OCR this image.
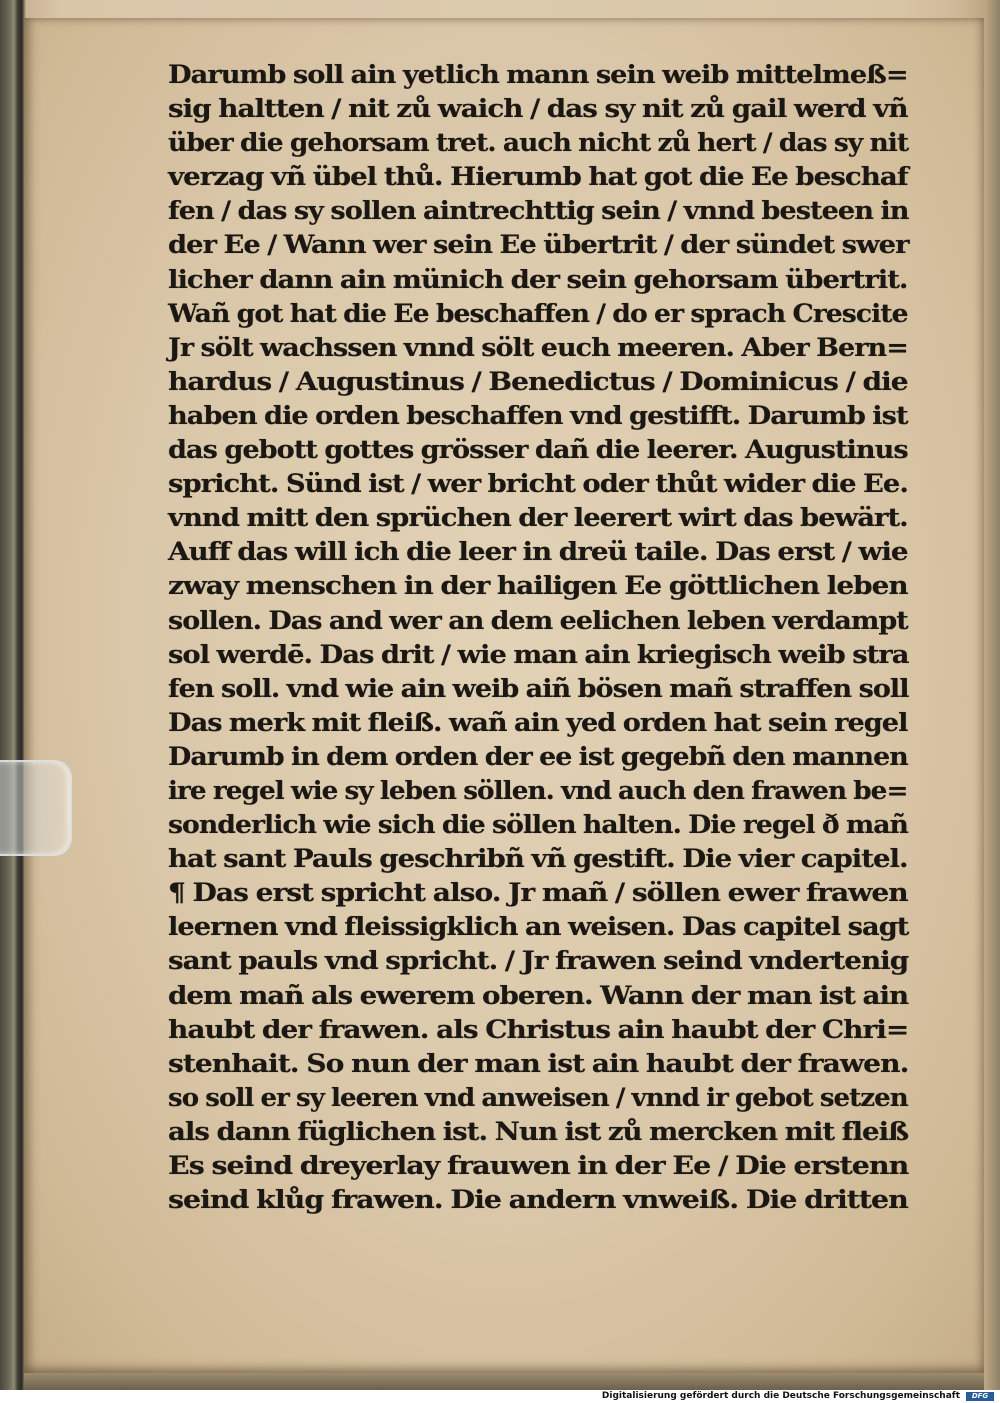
Darumb soll ain yetlich mann sein weib mittelmeß=
sig haltten / nit zů waich / das sy nit zů gail werd vñ
über die gehorsam tret. auch nicht zů hert / das sy nit
verzag vñ übel thů. Hierumb hat got die Ee beschaf
fen / das sy sollen aintrechttig sein / vnnd besteen in
der Ee / Wann wer sein Ee übertrit / der sündet swer
licher dann ain münich der sein gehorsam übertrit.
Wañ got hat die Ee beschaffen / do er sprach Crescite
Jr sölt wachssen vnnd sölt euch meeren. Aber Bern=
hardus / Augustinus / Benedictus / Dominicus / die
haben die orden beschaffen vnd gestifft. Darumb ist
das gebott gottes grösser dañ die leerer. Augustinus
spricht. Sünd ist / wer bricht oder thůt wider die Ee.
vnnd mitt den sprüchen der leerert wirt das bewärt.
Auff das will ich die leer in dreü taile. Das erst / wie
zway menschen in der hailigen Ee göttlichen leben
sollen. Das and wer an dem eelichen leben verdampt
sol werdē. Das drit / wie man ain kriegisch weib stra
fen soll. vnd wie ain weib aiñ bösen mañ straffen soll
Das merk mit fleiß. wañ ain yed orden hat sein regel
Darumb in dem orden der ee ist gegebñ den mannen
ire regel wie sy leben söllen. vnd auch den frawen be=
sonderlich wie sich die söllen halten. Die regel ð mañ
hat sant Pauls geschribñ vñ gestift. Die vier capitel.
¶ Das erst spricht also. Jr mañ / söllen ewer frawen
leernen vnd fleissigklich an weisen. Das capitel sagt
sant pauls vnd spricht. / Jr frawen seind vndertenig
dem mañ als ewerem oberen. Wann der man ist ain
haubt der frawen. als Christus ain haubt der Chri=
stenhait. So nun der man ist ain haubt der frawen.
so soll er sy leeren vnd anweisen / vnnd ir gebot setzen
als dann füglichen ist. Nun ist zů mercken mit fleiß
Es seind dreyerlay frauwen in der Ee / Die erstenn
seind klůg frawen. Die andern vnweiß. Die dritten
Digitalisierung gefördert durch die Deutsche Forschungsgemeinschaft	DFG
